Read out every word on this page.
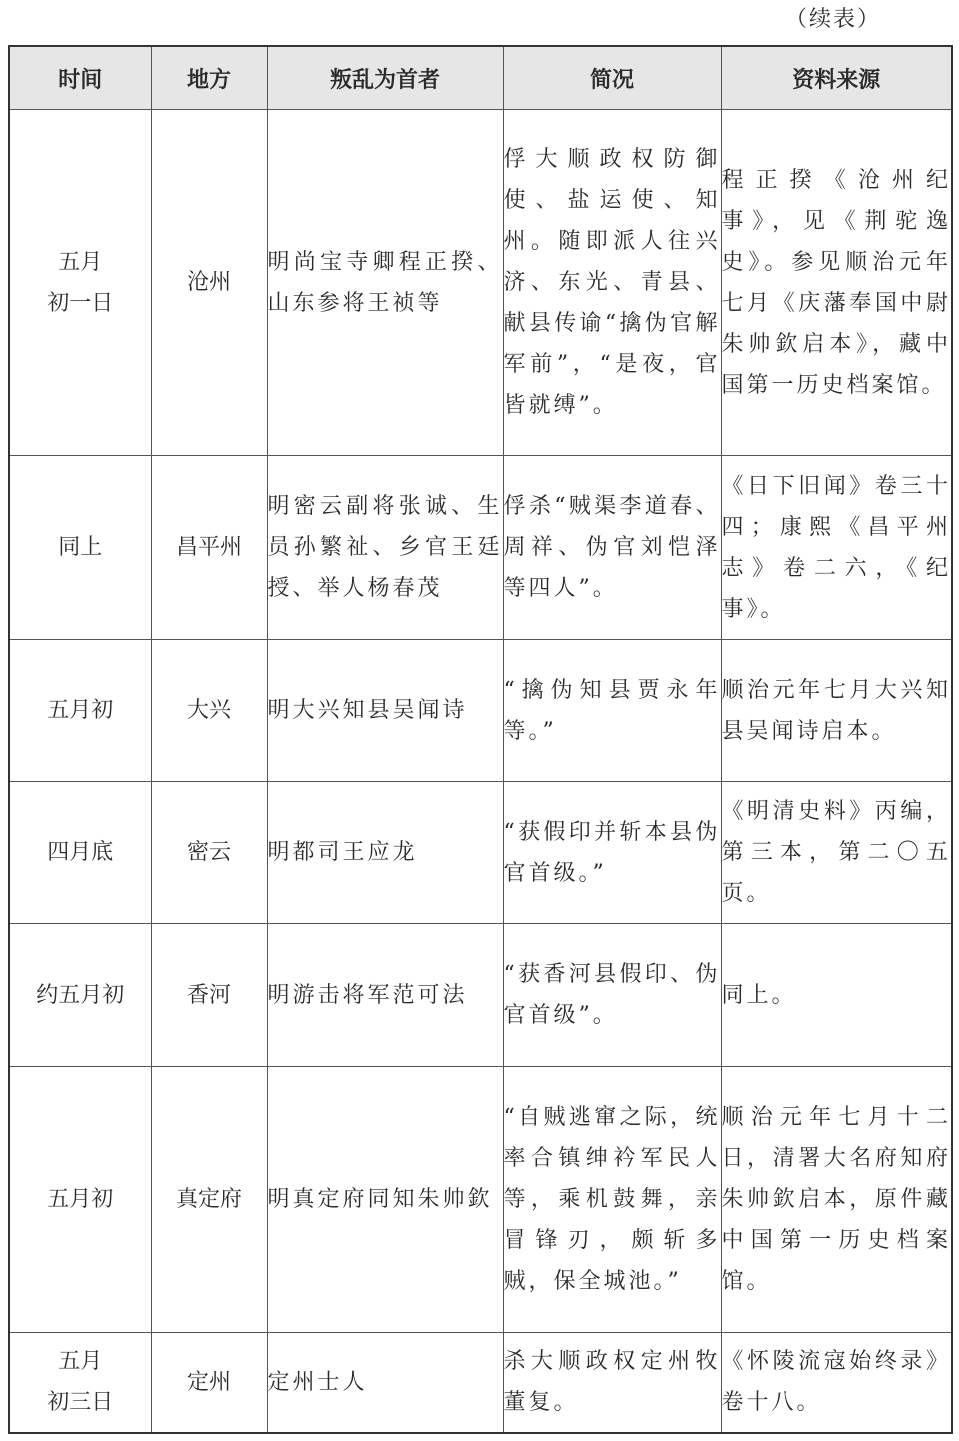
（续表）
时间	地方	叛乱为首者	简况	资料来源

五月
初一日	沧州	明尚宝寺卿程正揆、山东参将王祯等	俘大顺政权防御使、盐运使、知州。随即派人往兴济、东光、青县、献县传谕“擒伪官解军前”，“是夜，官皆就缚”。	程正揆《沧州纪事》，见《荆驼逸史》。参见顺治元年七月《庆藩奉国中尉朱帅欽启本》，藏中国第一历史档案馆。

同上	昌平州	明密云副将张诚、生员孙繁祉、乡官王廷授、举人杨春茂	俘杀“贼渠李道春、周祥、伪官刘恺泽等四人”。	《日下旧闻》卷三十四；康熙《昌平州志》卷二六，《纪事》。

五月初	大兴	明大兴知县吴闻诗	“擒伪知县贾永年等。”	顺治元年七月大兴知县吴闻诗启本。

四月底	密云	明都司王应龙	“获假印并斩本县伪官首级。”	《明清史料》丙编，第三本，第二〇五页。

约五月初	香河	明游击将军范可法	“获香河县假印、伪官首级”。	同上。

五月初	真定府	明真定府同知朱帅欽	“自贼逃窜之际，统率合镇绅衿军民人等，乘机鼓舞，亲冒锋刃，颇斩多贼，保全城池。”	顺治元年七月十二日，清署大名府知府朱帅欽启本，原件藏中国第一历史档案馆。

五月
初三日	定州	定州士人	杀大顺政权定州牧董复。	《怀陵流寇始终录》卷十八。
